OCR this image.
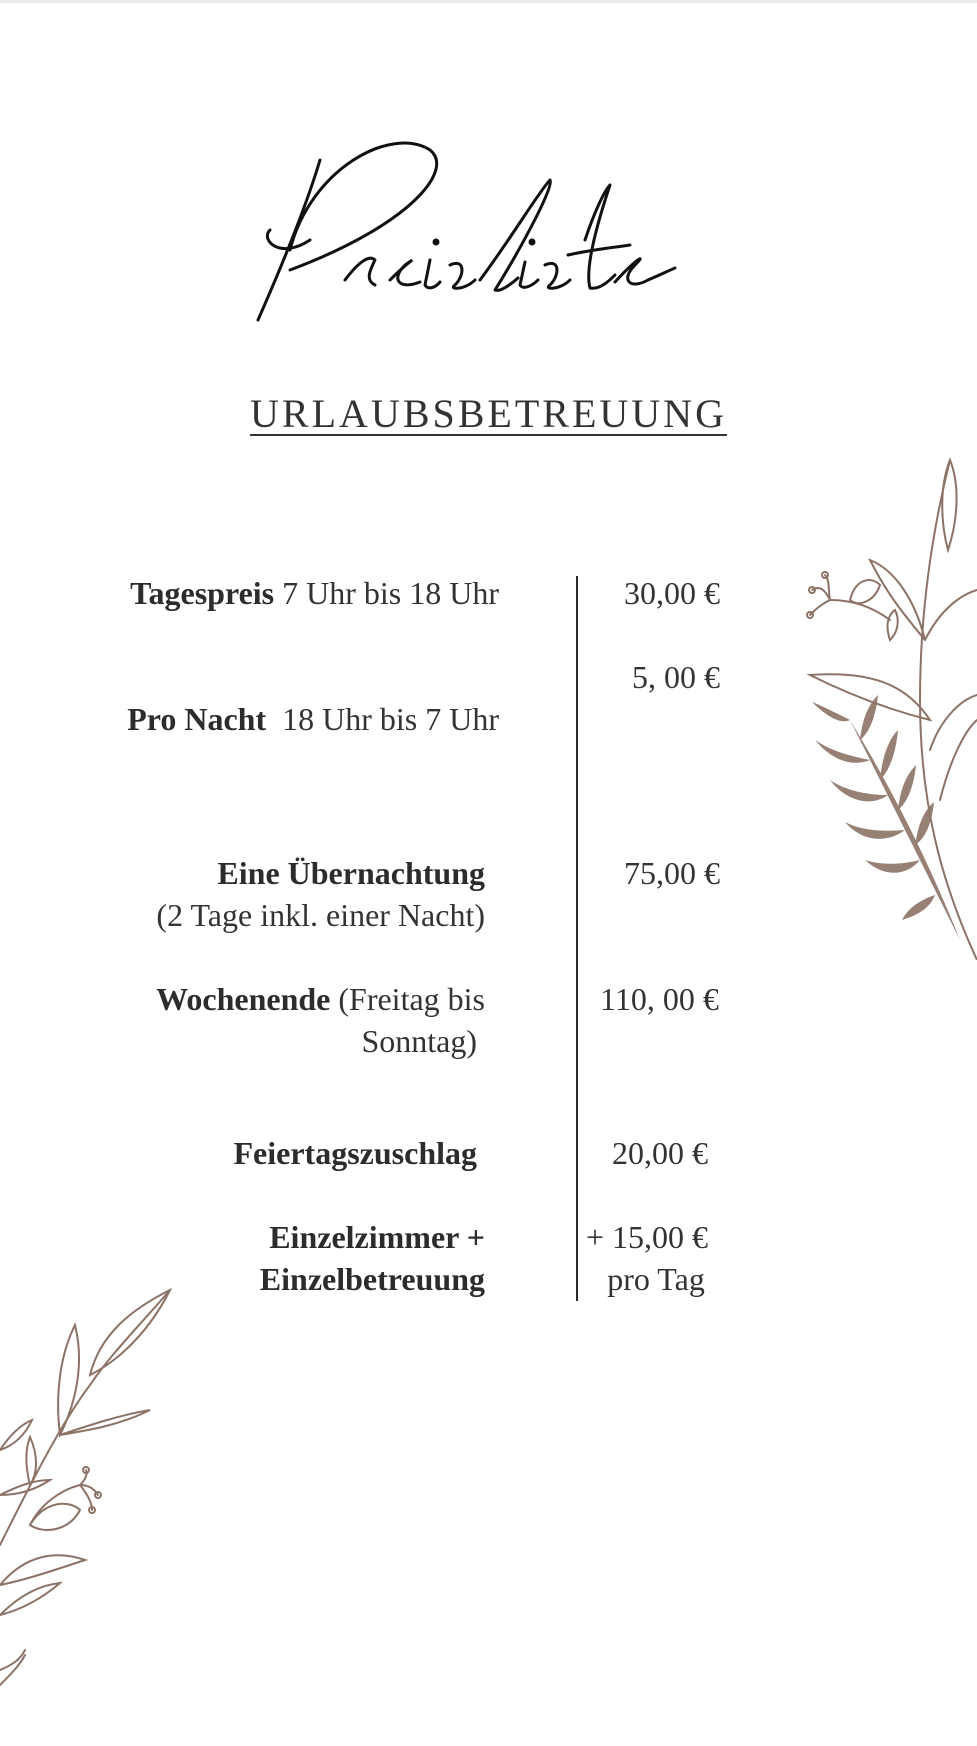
URLAUBSBETREUUNG
Tagespreis 7 Uhr bis 18 Uhr	30,00 €

Pro Nacht  18 Uhr bis 7 Uhr

5, 00 €
Eine Übernachtung
(2 Tage inkl. einer Nacht)
75,00 €
Wochenende (Freitag bis
Sonntag)
110, 00 €
Feiertagszuschlag	20,00 €
Einzelzimmer +
Einzelbetreuung
+ 15,00 €
pro Tag
